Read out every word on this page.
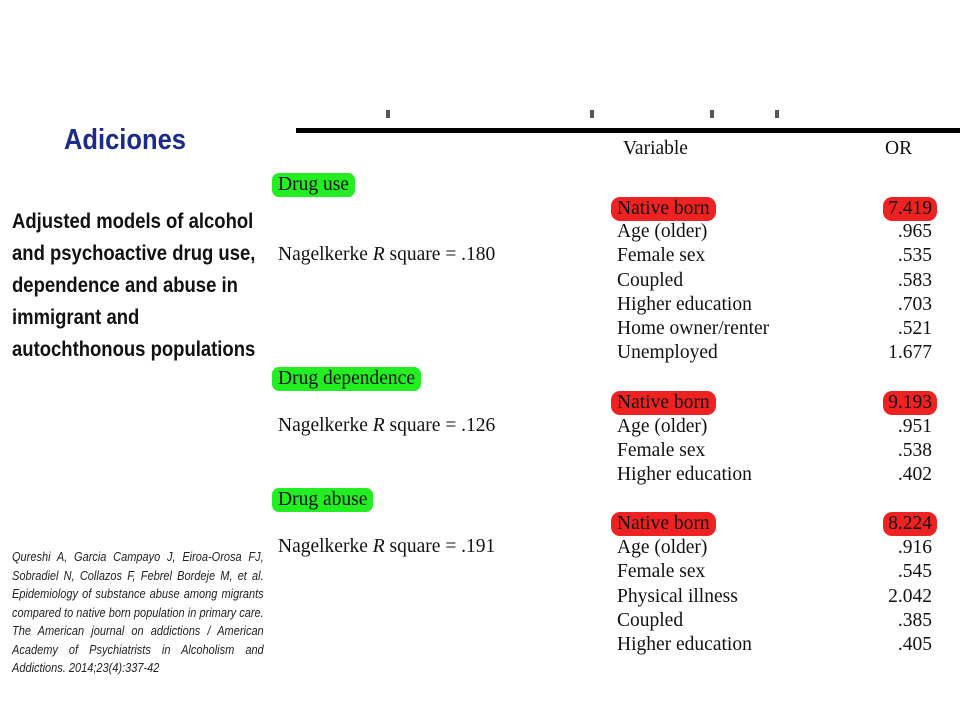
Adiciones
Adjusted models of alcohol and psychoactive drug use, dependence and abuse in immigrant and autochthonous populations
Qureshi A, Garcia Campayo J, Eiroa-Orosa FJ, Sobradiel N, Collazos F, Febrel Bordeje M, et al. Epidemiology of substance abuse among migrants compared to native born population in primary care. The American journal on addictions / American Academy of Psychiatrists in Alcoholism and Addictions. 2014;23(4):337-42
Variable	OR
Drug use
Nagelkerke R square = .180
Native born	7.419
Age (older)	.965
Female sex	.535
Coupled	.583
Higher education	.703
Home owner/renter	.521
Unemployed	1.677
Drug dependence
Nagelkerke R square = .126
Native born	9.193
Age (older)	.951
Female sex	.538
Higher education	.402
Drug abuse
Nagelkerke R square = .191
Native born	8.224
Age (older)	.916
Female sex	.545
Physical illness	2.042
Coupled	.385
Higher education	.405
